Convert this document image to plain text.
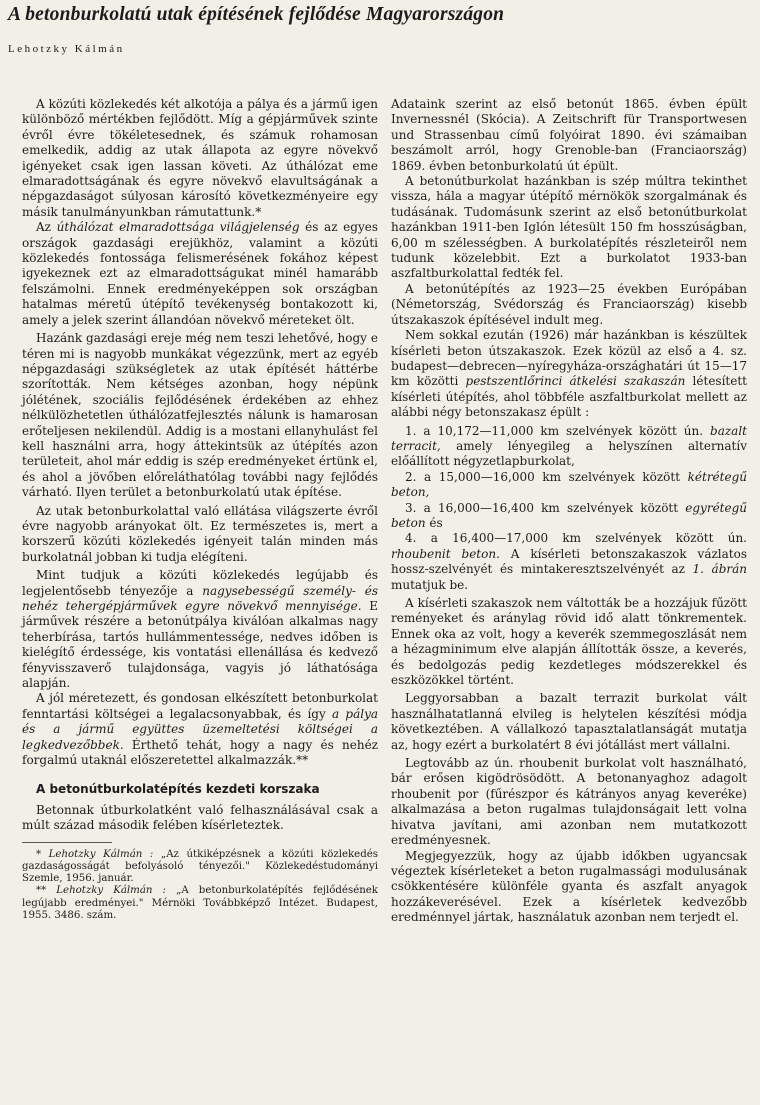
A betonburkolatú utak építésének fejlődése Magyarországon
Lehotzky Kálmán

A közúti közlekedés két alkotója a pálya és a jármű igen különböző mértékben fejlődött. Míg a gépjárművek szinte évről évre tökéletesednek, és számuk rohamosan emelkedik, addig az utak állapota az egyre növekvő igényeket csak igen lassan követi. Az úthálózat eme elmaradottságának és egyre növekvő elavultságának a népgazdaságot súlyosan károsító következményeire egy másik tanulmányunkban rámutattunk.*

Az úthálózat elmaradottsága világjelenség és az egyes országok gazdasági erejükhöz, valamint a közúti közlekedés fontossága felismerésének fokához képest igyekeznek ezt az elmaradottságukat minél hamarább felszámolni. Ennek eredményeképpen sok országban hatalmas méretű útépítő tevékenység bontakozott ki, amely a jelek szerint állandóan növekvő méreteket ölt.

Hazánk gazdasági ereje még nem teszi lehetővé, hogy e téren mi is nagyobb munkákat végezzünk, mert az egyéb népgazdasági szükségletek az utak építését háttérbe szorították. Nem kétséges azonban, hogy népünk jólétének, szociális fejlődésének érdekében az ehhez nélkülözhetetlen úthálózatfejlesztés nálunk is hamarosan erőteljesen nekilendül. Addig is a mostani ellanyhulást fel kell használni arra, hogy áttekintsük az útépítés azon területeit, ahol már eddig is szép eredményeket értünk el, és ahol a jövőben előreláthatólag további nagy fejlődés várható. Ilyen terület a betonburkolatú utak építése.

Az utak betonburkolattal való ellátása világszerte évről évre nagyobb arányokat ölt. Ez természetes is, mert a korszerű közúti közlekedés igényeit talán minden más burkolatnál jobban ki tudja elégíteni.

Mint tudjuk a közúti közlekedés legújabb és legjelentősebb tényezője a nagysebességű személy- és nehéz tehergépjárművek egyre növekvő mennyisége. E járművek részére a betonútpálya kiválóan alkalmas nagy teherbírása, tartós hullámmentessége, nedves időben is kielégítő érdessége, kis vontatási ellenállása és kedvező fényvisszaverő tulajdonsága, vagyis jó láthatósága alapján.

A jól méretezett, és gondosan elkészített betonburkolat fenntartási költségei a legalacsonyabbak, és így a pálya és a jármű együttes üzemeltetési költségei a legkedvezőbbek. Érthető tehát, hogy a nagy és nehéz forgalmú utaknál előszeretettel alkalmazzák.**

A betonútburkolatépítés kezdeti korszaka

Betonnak útburkolatként való felhasználásával csak a múlt század második felében kísérleteztek.

* Lehotzky Kálmán : „Az útkiképzésnek a közúti közlekedés gazdaságosságát befolyásoló tényezői." Közlekedéstudományi Szemle, 1956. január.

** Lehotzky Kálmán : „A betonburkolatépítés fejlődésének legújabb eredményei." Mérnöki Továbbképző Intézet. Budapest, 1955. 3486. szám.

Adataink szerint az első betonút 1865. évben épült Invernessnél (Skócia). A Zeitschrift für Transportwesen und Strassenbau című folyóirat 1890. évi számaiban beszámolt arról, hogy Grenoble-ban (Franciaország) 1869. évben betonburkolatú út épült.

A betonútburkolat hazánkban is szép múltra tekinthet vissza, hála a magyar útépítő mérnökök szorgalmának és tudásának. Tudomásunk szerint az első betonútburkolat hazánkban 1911-ben Iglón létesült 150 fm hosszúságban, 6,00 m szélességben. A burkolatépítés részleteiről nem tudunk közelebbit. Ezt a burkolatot 1933-ban aszfaltburkolattal fedték fel.

A betonútépítés az 1923—25 években Európában (Németország, Svédország és Franciaország) kisebb útszakaszok építésével indult meg.

Nem sokkal ezután (1926) már hazánkban is készültek kísérleti beton útszakaszok. Ezek közül az első a 4. sz. budapest—debrecen—nyíregyháza-országhatári út 15—17 km közötti pestszentlőrinci átkelési szakaszán létesített kísérleti útépítés, ahol többféle aszfaltburkolat mellett az alábbi négy betonszakasz épült :

1. a 10,172—11,000 km szelvények között ún. bazalt terracit, amely lényegileg a helyszínen alternatív előállított négyzetlapburkolat,

2. a 15,000—16,000 km szelvények között kétrétegű beton,

3. a 16,000—16,400 km szelvények között egyrétegű beton és

4. a 16,400—17,000 km szelvények között ún. rhoubenit beton. A kísérleti betonszakaszok vázlatos hossz-szelvényét és mintakeresztszelvényét az 1. ábrán mutatjuk be.

A kísérleti szakaszok nem váltották be a hozzájuk fűzött reményeket és aránylag rövid idő alatt tönkrementek. Ennek oka az volt, hogy a keverék szemmegoszlását nem a hézagminimum elve alapján állították össze, a keverés, és bedolgozás pedig kezdetleges módszerekkel és eszközökkel történt.

Leggyorsabban a bazalt terrazit burkolat vált használhatatlanná elvileg is helytelen készítési módja következtében. A vállalkozó tapasztalatlanságát mutatja az, hogy ezért a burkolatért 8 évi jótállást mert vállalni.

Legtovább az ún. rhoubenit burkolat volt használható, bár erősen kigödrösödött. A betonanyaghoz adagolt rhoubenit por (fűrészpor és kátrányos anyag keveréke) alkalmazása a beton rugalmas tulajdonságait lett volna hivatva javítani, ami azonban nem mutatkozott eredményesnek.

Megjegyezzük, hogy az újabb időkben ugyancsak végeztek kísérleteket a beton rugalmassági modulusának csökkentésére különféle gyanta és aszfalt anyagok hozzákeverésével. Ezek a kísérletek kedvezőbb eredménnyel jártak, használatuk azonban nem terjedt el.
